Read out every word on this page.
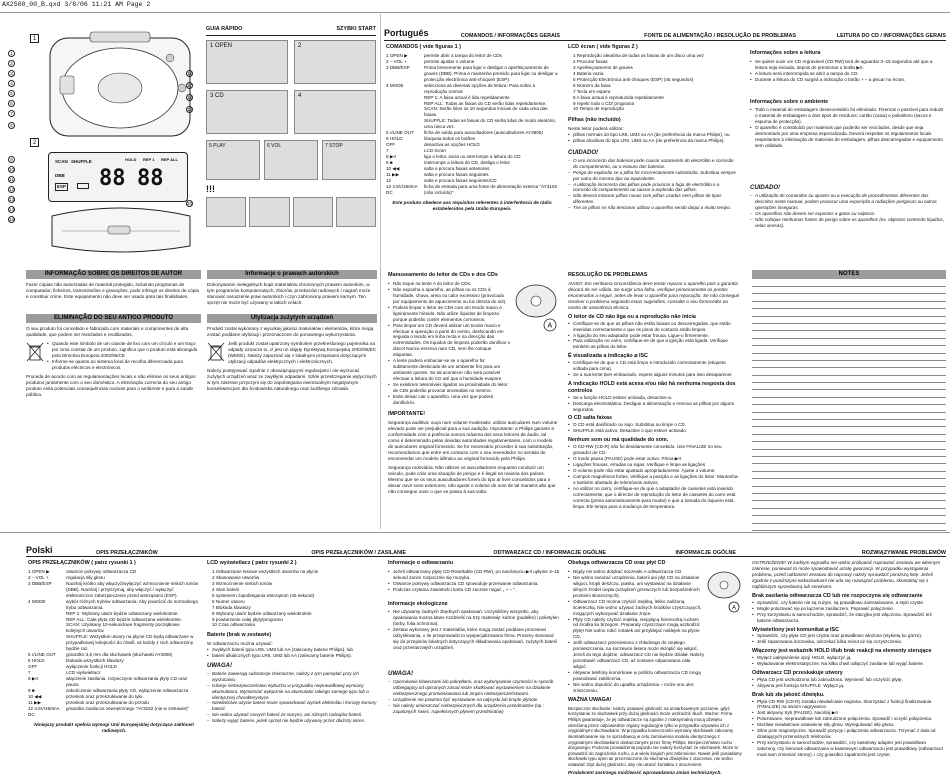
AX2500_00_B.qxd 3/8/06 11:21 AM Page 2
1
2
SCAN SHUFFLE
88 88
HOLD REP 1 REP ALL
DBB
ESP
1
2
3
4
5
6
7
8
9
10
11
12
13
14
15
16
17
18
19
20
GUIA RÁPIDO	SZYBKI START
1 OPEN	2
3 CD	4
5 PLAY	6 VOL	7 STOP
!!!
INFORMAÇÃO SOBRE OS DIREITOS DE AUTOR
Fazer cópias não autorizadas de material protegido, incluindo programas de computador, ficheiros, transmissões e gravações, pode infringir os direitos de cópia e constituir crime. Este equipamento não deve ser usado para tais finalidades.
ELIMINAÇÃO DO SEU ANTIGO PRODUTO
O seu produto foi concebido e fabricado com materiais e componentes de alta qualidade, que podem ser reciclados e reutilizados.
• Quando este símbolo de um caixote de lixo com um círculo e um traço por cima constar de um produto, significa que o produto está abrangido pela Directiva Europeia 2002/96/CE
• Informe-se quanto ao sistema local de recolha diferenciada para produtos eléctricos e electrónicos.
Proceda de acordo com as regulamentações locais e não elimine os seus antigos produtos juntamente com o seu doméstico. A eliminação correcta do seu antigo produto evita potenciais consequências nocivas para o ambiente e para a saúde pública.
Informacje o prawach autorskich
Dokonywanie nielegalnych kopii materiałów chronionych prawem autorskim, w tym programów komputerowych, zbiorów, przekazów radiowych i nagrań może stanowić naruszenie praw autorskich i czyn zabroniony prawem karnym. Ten sprzęt nie może być używany w takich celach.
Utylizacja zużytych urządzeń
Produkt został wykonany z wysokiej jakości materiałów i elementów, które mogą zostać poddane utylizacji i przeznaczone do ponownego wykorzystania.
Jeśli produkt został opatrzony symbolem przekreślonego pojemnika na odpady oznacza to, iż jest on objęty Dyrektywą Europejską 2002/96/EC (WEEE). Należy zapoznać się z lokalnymi przepisami dotyczącymi utylizacji odpadów elektrycznych i elektronicznych.
Należy postępować zgodnie z obowiązującymi regulacjami i nie wyrzucać zużytych urządzeń wraz ze zwykłymi odpadami. Szkle przestrzeganie wytycznych w tym zakresie przyczyni się do zapobiegania ewentualnym negatywnym konsekwencjom dla środowiska naturalnego oraz ludzkiego zdrowia.
Português	COMANDOS / INFORMAÇÕES GERAIS	FONTE DE ALIMENTAÇÃO / RESOLUÇÃO DE PROBLEMAS	LEITURA DO CD / INFORMAÇÕES GERAIS
COMANDOS ( vide figuras 1 )
1 OPEN ▶	permite abrir a tampa do leitor de CDs
2 – VOL +	permite ajustar o volume
3 DBB/ESP	Prima brevemente para ligar e desligar o aperfeiçoamento de graves (DBB). Prima e mantenha premido para ligar ou desligar a protecção electrónica anti-choques (ESP).
4 MODE	selecciona as diversas opções de leitura: Para voltar à reprodução normal
REP 1: A faixa actual é lida repetidamente
REP ALL: Todas as faixas do CD serão lidas repetidamente.
SCAN: Serão lidos os 10 segundos iniciais de cada uma das faixas.
SHUFFLE: Todas as faixas do CD serão lidas de modo aleatório, uma única vez.
5 ℩/LINE OUT	ficha de saída para auscultadores (auscultadores AY3806)
6 HOLD	bloqueia todos os botões
OFF	desactiva as opções HOLD
7	LCD écran
8 ▶II	liga o leitor, inicia ou interrompe a leitura do CD
9 ■	interrompe a leitura do CD, desliga o leitor
10 ◀◀	salta e procura faixas anteriores
11 ▶▶	salta e procura faixas seguintes
12	salta e procura faixas seguintes/CD
13 4.5V/450mA DC
ficha de entrada para uma fonte de alimentação externa "AY3162 (não incluído)"
Este produto obedece aos requisitos referentes à interferência de rádio estabelecidos pela União Europeia.
LCD écran ( vide figuras 2 )
1 Reprodução aleatória de todas as faixas de um disco uma vez
2 Procurar faixas
3 Aperfeiçoamento de graves
4 Bateria vazia
5 Protecção Electrónica anti-choques (ESP) (45 segundos)
6 Número da faixa
7 Tecla em espera
8 A faixa actual é reproduzida repetidamente
9 repetir todo o CD/ programa
10 Tempo de reprodução
Pilhas (não incluído)
Neste leitor poderá utilizar:
• pilhas normais do tipo LR6, UM3 ou AA (de preferência da marca Philips), ou
• pilhas alcalinas do tipo LR6, UM3 ou AA (de preferência da marca Philips).
CUIDADO!
– O uso incorrecto das baterias pode causar vazamento do electrólito e corrosão do compartimento, ou o estouro das baterias.
– Perigo de explosão se a pilha for incorrectamente substituída. Substitua sempre por outra do mesmo tipo ou equivalente.
– A utilização incorrecta das pilhas pode provocar a fuga de electrólito e a corrosão do compartimento ou causar a explosão das pilhas.
– Não deverá misturar pilhas novas com pilhas usadas nem pilhas de tipos diferentes.
– Tire as pilhas se não tencionar utilizar o aparelho sendo daqui a muito tempo.
Informações sobre a leitura
• Se quiser ouvir um CD regravável (CD-RW) terá de aguardar 3–15 segundos até que a leitura seja iniciada, depois de premionar o botão ▶II.
• A leitura será interrompida se abrir a tampa do CD.
• Durante a leitura do CD surgirá a indicação o botão + – a piscar no écran.
Informações sobre o ambiente
• Todo o material de embalagem desnecessário foi eliminado. Fizemos o possível para reduzir o material de embalagem a dois tipos de resíduos: cartão (caixa) e polietileno (sacos e espuma de protecção).
• O aparelho é constituído por materiais que poderão ser reciclados, desde que seja desmontado por uma empresa especializada. Deverá respeitar os regulamentos locais respeitantes à eliminação de materiais de embalagem, pilhas descarregadas e equipamento sem utilidade.
CUIDADO!
– A utilização de comandos ou ajustes ou a execução de procedimentos diferentes dos descritos neste manual, podem provocar uma exposição a radiações perigosas ou outras operações inseguras.
– Os aparelhos não devem ser expostos a gotas ou salpicos.
– Não coloque nenhumas fontes de perigo sobre os aparelhos (ex. objectos contendo líquidos, velas acesas).
NOTES
Manuseamento do leitor de CDs e dos CDs
• Não toque na lente A do leitor de CDs.
• Não exponha o aparelho, as pilhas ou os CDs à humidade, chuva, areia ou calor excessivo (provocado por equipamento de aquecimento ou luz directa do sol).
• Poderá limpar o leitor de CDs com um tecido macio e ligeiramente húmido. Não utilize líquidos de limpeza porque poderão conter elementos corrosivos.
• Para limpar um CD deverá utilizar um tecido macio e efectuar a operação a partir do centro, deslocando em seguida o tecido em linha recta e na direcção das extremidades. Os líquidos de limpeza poderão danificar o disco! Nunca escreva num CD, nem lhe coloque etiquetas.
• A lente poderá embaciar-se se o aparelho for subitamente deslocado de um ambiente frio para um ambiente quente. Se tal acontecer não será possível efectuar a leitura do CD até que a humidade evapore.
• Se existirem telemóveis ligados na proximidade do leitor de CDs poderão provocar anomalias no mesmo.
• Evite deixar cair o aparelho, uma vez que poderá danificá-lo.
A
IMPORTANTE!
Segurança auditiva: ouça num volume moderado: utilizar auriculares num volume elevado pode ser prejudicial para a sua audição. Importante: a Philips garante a conformidade com a potência sonora máxima dos seus leitores de áudio, tal como é determinado pelas devidas autoridades regulamentares, com o modelo de auriculares original fornecido. Se for necessário proceder à sua substituição, recomendamos que entre em contacto com o seu revendedor no sentido de encomendar um modelo idêntico ao original fornecido pela Philips.
Segurança rodoviária: Não utilizes os auscultadores enquanto conduzir um veículo, pode criar uma situação de perigo e é ilegal na maioria dos países. Mesmo que se os seus auscultadores forem do tipo ar livre concebidos para o deixar ouvir sons exteriores, não ajuste o volume de som de tal maneira alto que não consegue ouvir o que se passa à sua volta.
RESOLUÇÃO DE PROBLEMAS
AVISO: Em nenhuma circunstância deve tentar reparar o aparelho pois a garantia deixará de ser válida. Se surgir uma falha, verifique primeiramente os pontos enumerados a seguir, antes de levar o aparelho para reparação. Se não conseguir resolver o problema seguindo estas sugestões, consulte o seu fornecedor ou centro de assistência técnica.
O leitor de CD não liga ou a reprodução não inicia
• Certifique-se de que as pilhas não estão baixas ou descarregadas, que estão inseridas correctamente e que os pinos de contacto estão limpos.
• A ligação do seu adaptador pode estar frouxa. Ligue-o firmemente.
• Para utilização no carro, certifique-se de que a ignição está ligada. Verifique também as pilhas do leitor.
É visualizada a indicação ⌀ ISC
• Certifique-se de que o CD está limpo e introduzido correctamente (etiqueta voltada para cima).
• Se a sua lente tiver embaciado, espere alguns minutos para isso desaparecer.
A indicação HOLD está acesa e/ou não há nenhuma resposta dos controlos
• Se a função HOLD estiver activada, desactive-a.
• Descarga electrostática. Desligue a alimentação e remova as pilhas por alguns segundos.
O CD salta faixas
• O CD está danificado ou sujo. Substitua ou limpe o CD.
• SHUFFLE está activo. Desactive o que estiver activado.
Nenhum som ou má qualidade do som.
• O CD-RW (CD-R) não foi devidamente concebido. Use FINALIZE no seu gravador de CD.
• O modo pausa (PAUSE) pode estar activo. Prima ▶II.
• Ligações frouxas, erradas ou sujas. Verifique e limpe as ligações.
• O volume pode não estar ajustado apropriadamente. Ajuste o volume.
• Campos magnéticos fortes. Verifique a posição e as ligações do leitor. Mantenha-o também afastado de telemóveis activos.
• Ao utilizar no carro, certifique-se de que o adaptador de cassetes está inserido correctamente, que o director de reprodução do leitor de cassetes do carro está correcta (prima automaticamente para mudar) e que a tomada do isqueiro está limpa. Ele tempo para a mudança de temperatura.
Polski	OPIS PRZEŁĄCZNIKÓW	OPIS PRZEŁĄCZNIKÓW / ZASILANIE	ODTWARZACZ CD / INFORMACJE OGÓLNE	INFORMACJE OGÓLNE	ROZWIĄZYWANIE PROBLEMÓW
OPIS PRZEŁĄCZNIKÓW ( patrz rysunki 1 )
1 OPEN ▶	otwarcie pokrywy odtwarzacza CD
2 – VOL +	regulacja siły głosu
3 DBB/ESP	Naciśnij krótko aby włączyć/wyłączyć wzmocnienie niskich tonów (DBB). Naciśnij i przytrzymaj, aby włączyć / wyłączyć elektroniczne zabezpieczenie przed wstrząsami (ESP).
4 MODE	wybór różnych trybów odtwarzania: Aby powrócić do normalnego trybu odtwarzania.
REP 1: Wybrany utwór będzie odtwarzany wielokrotnie.
REP ALL: Cała płyta CD będzie odtwarzana wielokrotnie.
SCAN: Uzyskany 10-sekundowe fragmenty początkowe kolejnych utworów.
SHUFFLE: Wszystkie utwory na płycie CD będą odtwarzane w przypadkowej kolejności do chwili, aż każdy z nich odtworzony będzie raz.
5 ℩/LINE OUT	gniazdko 3,5 mm dla słuchawek (słuchawki AY3806)
6 HOLD	blokada wszystkich klawiszy
OFF	wyłączenie funkcji HOLD
7	LCD wyświetlacz
8 ▶II	włączenie zasilania, rozpoczęcie odtwarzania płyty CD oraz pauza
9 ■	zakończenie odtwarzania płyty CD, wyłączenie odtwarzacza
10 ◀◀	przeskok oraz przeszukiwanie do tyłu
11 ▶▶	przeskok oraz przeszukiwanie do przodu
12 4.5V/450mA DC
gniazdko zasilacza zewnętrznego "AY3162 (nie w zestawie)"
Niniejszy produkt spełnia wymogi Unii Europejskiej dotyczące zakłóceń radiowych.
LCD wyświetlacz ( patrz rysunki 2 )
1 Odtwarzanie losowe wszystkich utworów na płycie
2 Skanowanie utworów
3 Wzmocnienie niskich tonów
4 Stan baterii
5 systemem zapobiegania wstrząsom (45 sekund)
6 Numer utworu
7 Blokada klawiszy
8 Wybrany utwór będzie odtwarzany wielokrotnie
9 powtarzanie całej płyty/programu
10 Czas odtwarzania
Baterie (brak w zestawie)
W odtwarzaczu można używać:
• zwykłych baterii typu LR6, UM3 lub AA (zalecamy baterie Philips), lub
• baterii alkalicznych typu LR6, UM3 lub AA (zalecamy baterie Philips).
UWAGA!
– Baterie zawierają substancje chemiczne, należy z tym pamiętać przy ich wyrzucaniu.
– Istnieje niebezpieczeństwo wybuchu w przypadku nieprawidłowej wymiany akumulatora. Wymieniać wyłącznie na akumulator takiego samego typu lub o identycznej charakterystyce.
– Niewłaściwe użycie baterii może spowodować wyciek elektrolitu i korozję komory baterii.
– Nie wolno używać nowych baterii ze starymi, ani różnych rodzajów baterii.
– Należy wyjąć baterie, jeżeli sprzęt nie będzie używany przez dłuższy okres.
Informacje o odtwarzaniu
• Jeżeli odtwarzamy płytę CD-Rewritable (CD-RW), po naciśnięciu ▶II upłynie 3–15 sekund zanim rozpocznie się muzyka.
• Otwarcie pokrywy odtwarzacza CD spowoduje przerwanie odtwarzania.
• Podczas czytania zawartości karta CD zacznie migać „ + – ”.
Informacje ekologiczne
• Nie używamy żadnych zbędnych opakowań. Uczyniliśmy wszystko, aby opakowania można łatwo rozdzielić na trzy materiały: karton (pudełko) i polietylen (torby, folia ochronna).
• Zestaw wykonany jest z materiałów, które mogą zostać poddane procesowi odzyskiwania, o ile przeprowadzi to wyspecjalizowana firma. Prosimy stosować się do przepisów lokalnych dotyczących składowania opakowań, zużytych baterii oraz przestarzałych urządzeń.
UWAGA!
– Operowanie klawiszami lub pokrętłami, oraz wykonywanie czynności w sposób odbiegający od opisanych zasad może skutkować wystawieniem na działanie niebezpiecznego promieniowania lub innymi niebezpieczeństwami.
– Urządzenie nie powinno być wystawiane na odpryski lub krople płynów.
– Nie należy umieszczać niebezpiecznych dla urządzenia przedmiotów (np.: zapalonych świec, napełnionych płynem przedmiotów)
Obsługa odtwarzacza CD oraz płyt CD
• Nigdy nie wolno dotykać soczewki A odtwarzacza CD.
• Nie wolno narażać urządzenia, baterii ani płyt CD na działanie wilgoci, kropli deszczu, piasku, ani wystawiać na działanie silnych źródeł ciepła (urządzeń grzewczych lub bezpośrednich promieni słonecznych).
• Odtwarzacz CD można czyścić miękką, lekko zwilżoną ściereczką. Nie wolno używać żadnych środków czyszczących, mogących wykazywać działanie żrące.
• Płyty CD należy czyścić miękką, niepylącą ściereczką ruchem od środka ku brzegom. Preparaty czyszczące mogą uszkodzić płytę! Nie wolno robić notatek ani przyklejać naklejek na płycie CD.
• Jeśli odtwarzacz przeniesiono z chłodnego do ciepłego pomieszczenia, na soczewce lasera może skroplić się wilgoć. Jeżeli do tego dojdzie, odtwarzacz CD nie będzie działał. Należy pozostawić odtwarzacz CD, aż zostanie odparowana cała wilgoć.
• Aktywne telefony komórkowe w pobliżu odtwarzacza CD mogą powodować zakłócenia.
• Nie wolno dopuścić do upadku urządzenia – może ono ulec zniszczeniu.
A
WAŻNA UWAGA!
Bezpieczne słuchanie: należy ustawiać głośność na umiarkowanym poziomie, gdyż korzystanie ze słuchawek przy dużej głośności może uszkodzić słuch. Ważne: Firma Philips gwarantuje, że jej odtwarzacze są zgodne z maksymalną mocą dźwięku określoną przez odpowiednie organy regulacyjne tylko w przypadku używania ich z oryginalnymi słuchawkami. W przypadku konieczności wymiany słuchawek zalecamy skontaktowanie się ze sprzedawcą w celu zamówienia modelu identycznego z oryginalnymi słuchawkami dostarczanymi przez firmę Philips. Bezpieczeństwo ruchu drogowego: Podczas prowadzenia pojazdu nie należy korzystać ze słuchawek. Może to prowadzić do zagrożenia ruchu, a w wielu krajach jest zabronione. Nawet jeśli posiadamy słuchawki typu open air przeznaczone do słuchania dźwięków z otoczenia, nie wolno ustawiać zbyt dużej głośności, aby nie utracić kontaktu z otoczeniem.
Produkcent zastrzega możliwość wprowadzania zmian technicznych.
OSTRZEŻENIE! W żadnym wypadku nie wolno próbować naprawiać zestawu we własnym zakresie, ponieważ to może spowodować utratę gwarancji. W przypadku wystąpienia problemu, przed oddaniem zestawu do naprawy należy sprawdzić poniższą listę. Jeżeli zgodnie z poniższymi wskazówkami nie uda się rozwiązać problemu, skontaktuj się z najbliższym sprzedawcą lub serwisem.
Brak zasilania odtwarzacza CD lub nie rozpoczyna się odtwarzanie
• Sprawdzić, czy baterie nie są zużyte, są prawidłowo zainstalowane, a styki czyste.
• Mogło poluzować się po łączenie zasilaczem. Poprawić połączenie.
• Przy korzystaniu w samochodzie, sprawdzić, że stacyjka jest włączona. Sprawdzić też baterie odtwarzacza.
Wyświetlony jest komunikat ⌀ ISC
• Sprawdzić, czy płyta CD jest czysta oraz prawidłowo włożona (etykietą ku górze).
• Jeśli zaparowana soczewka, odczekać kilka minut aż się oczyszczenia.
Włączony jest wskaźnik HOLD i/lub brak reakcji na elementy sterujące
• Wyłącz uaktywnienie opcji HOLD, wyłączyć ją.
• Wyładowanie elektrostatyczne. Na kilka chwil odłączyć zasilanie lub wyjąć baterie.
Odtwarzacz CD przeskakuje utwory
• Płyta CD jest uszkodzona lub zabrudzona. Wymienić lub oczyścić płytę.
• Aktywna jest funkcja SHUFFLE. Wyłącz ją.
Brak lub zła jakość dźwięku.
• Płyta CD-RW (CD-R) została niewłaściwie nagrana. Skorzystać z funkcji finalizowania (FINALIZE) na swoim nagrywarce.
• Jest aktywny tryb (PAUSE). Naciśnij ▶II
• Poluzowane, nieprawidłowe lub zabrudzone połączenia. Sprawdź i oczyść połączenia.
• Możliwe niewłaściwe ustawienie siły głosu. Wyregulować siłę głosu.
• Silne pole magnetyczne. Sprawdź pozycję i połączenia odtwarzacza. Trzymać z dala od działających przenośnych telefonów.
• Przy korzystaniu w samochodzie, sprawdzić, czy kasetowy adapter jest prawidłowo założony, czy kierunek odtwarzania w kasetowym odtwarzaczu jest prawidłowy (odtwarzacz musi sam zmieniać stronę), i czy gniazdko zapalniczki jest czyste.
